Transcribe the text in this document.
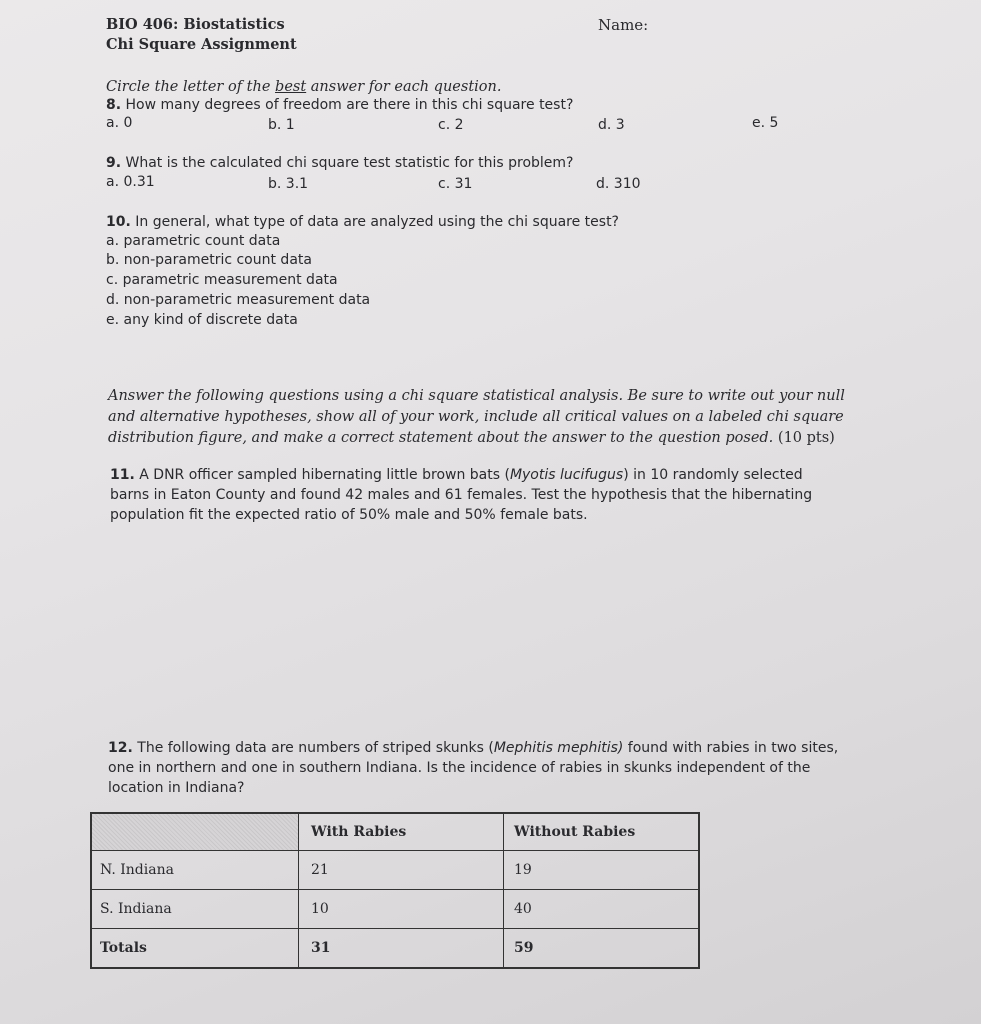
BIO 406: Biostatistics
Chi Square Assignment
Name:
Circle the letter of the best answer for each question.
8. How many degrees of freedom are there in this chi square test?
a. 0	b. 1	c. 2	d. 3	e. 5
9. What is the calculated chi square test statistic for this problem?
a. 0.31	b. 3.1	c. 31	d. 310
10. In general, what type of data are analyzed using the chi square test?
a. parametric count data
b. non-parametric count data
c. parametric measurement data
d. non-parametric measurement data
e. any kind of discrete data
Answer the following questions using a chi square statistical analysis. Be sure to write out your null and alternative hypotheses, show all of your work, include all critical values on a labeled chi square distribution figure, and make a correct statement about the answer to the question posed. (10 pts)
11. A DNR officer sampled hibernating little brown bats (Myotis lucifugus) in 10 randomly selected barns in Eaton County and found 42 males and 61 females. Test the hypothesis that the hibernating population fit the expected ratio of 50% male and 50% female bats.
12. The following data are numbers of striped skunks (Mephitis mephitis) found with rabies in two sites, one in northern and one in southern Indiana. Is the incidence of rabies in skunks independent of the location in Indiana?
	With Rabies	Without Rabies
N. Indiana	21	19
S. Indiana	10	40
Totals	31	59
